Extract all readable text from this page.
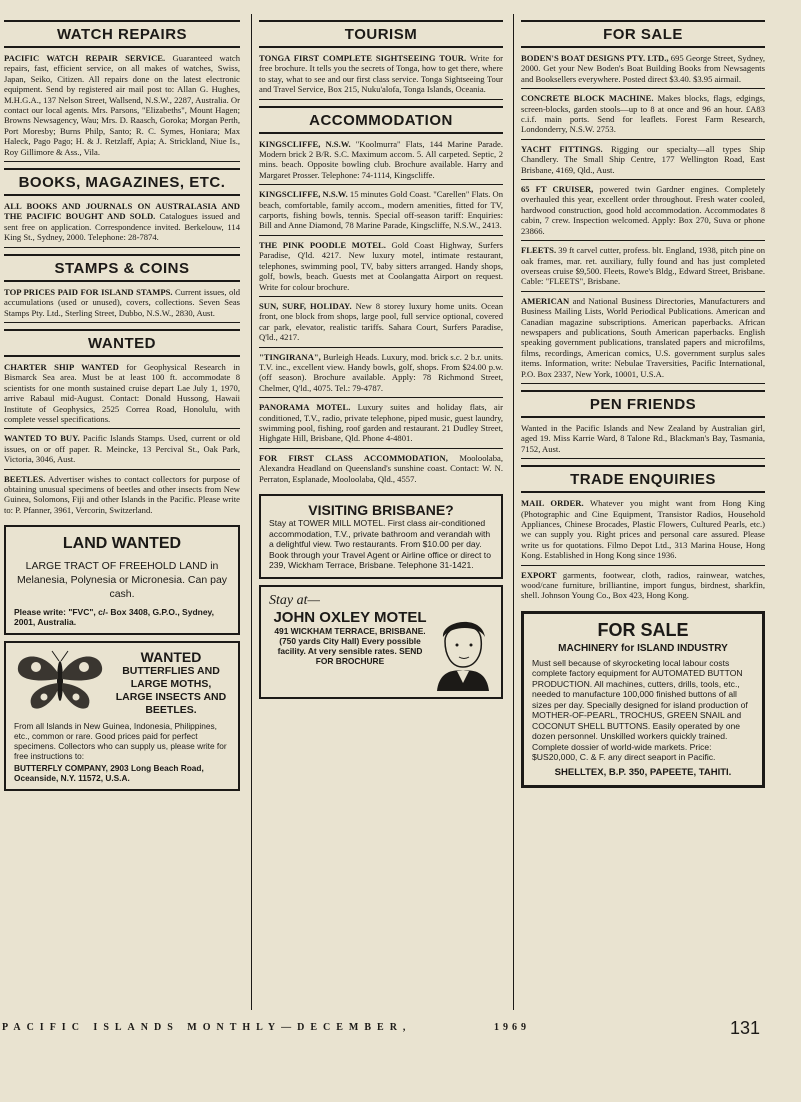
WATCH REPAIRS
PACIFIC WATCH REPAIR SERVICE. Guaranteed watch repairs, fast, efficient service, on all makes of watches, Swiss, Japan, Seiko, Citizen. All repairs done on the latest electronic equipment. Send by registered air mail post to: Allan G. Hughes, M.H.G.A., 137 Nelson Street, Wallsend, N.S.W., 2287, Australia. Or contact our local agents. Mrs. Parsons, "Elizabeths", Mount Hagen; Browns Newsagency, Wau; Mrs. D. Raasch, Goroka; Morgan Perth, Port Moresby; Burns Philp, Santo; R. C. Symes, Honiara; Max Haleck, Pago Pago; H. & J. Retzlaff, Apia; A. Strickland, Niue Is., Roy Gillimore & Ass., Vila.
BOOKS, MAGAZINES, ETC.
ALL BOOKS AND JOURNALS ON AUSTRALASIA AND THE PACIFIC BOUGHT AND SOLD. Catalogues issued and sent free on application. Correspondence invited. Berkelouw, 114 King St., Sydney, 2000. Telephone: 28-7874.
STAMPS & COINS
TOP PRICES PAID FOR ISLAND STAMPS. Current issues, old accumulations (used or unused), covers, collections. Seven Seas Stamps Pty. Ltd., Sterling Street, Dubbo, N.S.W., 2830, Aust.
WANTED
CHARTER SHIP WANTED for Geophysical Research in Bismarck Sea area. Must be at least 100 ft. accommodate 8 scientists for one month sustained cruise depart Lae July 1, 1970, arrive Rabaul mid-August. Contact: Donald Hussong, Hawaii Institute of Geophysics, 2525 Correa Road, Honolulu, with complete vessel specifications.
WANTED TO BUY. Pacific Islands Stamps. Used, current or old issues, on or off paper. R. Meincke, 13 Percival St., Oak Park, Victoria, 3046, Aust.
BEETLES. Advertiser wishes to contact collectors for purpose of obtaining unusual specimens of beetles and other insects from New Guinea, Solomons, Fiji and other Islands in the Pacific. Please write to: P. Pfanner, 3961, Vercorin, Switzerland.
LAND WANTED
LARGE TRACT OF FREEHOLD LAND in Melanesia, Polynesia or Micronesia. Can pay cash.
Please write: "FVC", c/- Box 3408, G.P.O., Sydney, 2001, Australia.
WANTED
BUTTERFLIES AND LARGE MOTHS, LARGE INSECTS AND BEETLES.
From all Islands in New Guinea, Indonesia, Philippines, etc., common or rare. Good prices paid for perfect specimens. Collectors who can supply us, please write for free instructions to:
BUTTERFLY COMPANY, 2903 Long Beach Road, Oceanside, N.Y. 11572, U.S.A.
TOURISM
TONGA FIRST COMPLETE SIGHTSEEING TOUR. Write for free brochure. It tells you the secrets of Tonga, how to get there, where to stay, what to see and our first class service. Tonga Sightseeing Tour and Travel Service, Box 215, Nuku'alofa, Tonga Islands, Oceania.
ACCOMMODATION
KINGSCLIFFE, N.S.W. "Koolmurra" Flats, 144 Marine Parade. Modern brick 2 B/R. S.C. Maximum accom. 5. All carpeted. Septic, 2 mins. beach. Opposite bowling club. Brochure available. Harry and Margaret Prosser. Telephone: 74-1114, Kingscliffe.
KINGSCLIFFE, N.S.W. 15 minutes Gold Coast. "Carellen" Flats. On beach, comfortable, family accom., modern amenities, fitted for TV, carports, fishing bowls, tennis. Special off-season tariff: Enquiries: Bill and Anne Diamond, 78 Marine Parade, Kingscliffe, N.S.W., 2413.
THE PINK POODLE MOTEL. Gold Coast Highway, Surfers Paradise, Q'ld. 4217. New luxury motel, intimate restaurant, telephones, swimming pool, TV, baby sitters arranged. Handy shops, golf, bowls, beach. Guests met at Coolangatta Airport on request. Write for colour brochure.
SUN, SURF, HOLIDAY. New 8 storey luxury home units. Ocean front, one block from shops, large pool, full service optional, covered car park, elevator, realistic tariffs. Sahara Court, Surfers Paradise, Q'ld., 4217.
"TINGIRANA", Burleigh Heads. Luxury, mod. brick s.c. 2 b.r. units. T.V. inc., excellent view. Handy bowls, golf, shops. From $24.00 p.w. (off season). Brochure available. Apply: 78 Richmond Street, Chelmer, Q'ld., 4075. Tel.: 79-4787.
PANORAMA MOTEL. Luxury suites and holiday flats, air conditioned, T.V., radio, private telephone, piped music, guest laundry, swimming pool, fishing, roof garden and restaurant. 21 Dudley Street, Highgate Hill, Brisbane, Qld. Phone 4-4801.
FOR FIRST CLASS ACCOMMODATION, Mooloolaba, Alexandra Headland on Queensland's sunshine coast. Contact: W. N. Perraton, Esplanade, Mooloolaba, Qld., 4557.
VISITING BRISBANE?
Stay at TOWER MILL MOTEL. First class air-conditioned accommodation, T.V., private bathroom and verandah with a delightful view. Two restaurants. From $10.00 per day. Book through your Travel Agent or Airline office or direct to 239, Wickham Terrace, Brisbane. Telephone 31-1421.
Stay at—
JOHN OXLEY MOTEL
491 WICKHAM TERRACE, BRISBANE. (750 yards City Hall) Every possible facility. At very sensible rates. SEND FOR BROCHURE
FOR SALE
BODEN'S BOAT DESIGNS PTY. LTD., 695 George Street, Sydney, 2000. Get your New Boden's Boat Building Books from Newsagents and Booksellers everywhere. Posted direct $3.40. $3.95 airmail.
CONCRETE BLOCK MACHINE. Makes blocks, flags, edgings, screen-blocks, garden stools—up to 8 at once and 96 an hour. £A83 c.i.f. main ports. Send for leaflets. Forest Farm Research, Londonderry, N.S.W. 2753.
YACHT FITTINGS. Rigging our specialty—all types Ship Chandlery. The Small Ship Centre, 177 Wellington Road, East Brisbane, 4169, Qld., Aust.
65 FT CRUISER, powered twin Gardner engines. Completely overhauled this year, excellent order throughout. Fresh water cooled, hardwood construction, good hold accommodation. Accommodates 8 cabin, 7 crew. Inspection welcomed. Apply: Box 270, Suva or phone 23866.
FLEETS. 39 ft carvel cutter, profess. blt. England, 1938, pitch pine on oak frames, mar. ret. auxiliary, fully found and has just completed overseas cruise $9,500. Fleets, Rowe's Bldg., Edward Street, Brisbane. Cable: "FLEETS", Brisbane.
AMERICAN and National Business Directories, Manufacturers and Business Mailing Lists, World Periodical Publications. American and Canadian magazine subscriptions. American paperbacks. African newspapers and publications, South American paperbacks. English speaking government publications, translated papers and microfilms, films, recordings, American comics, U.S. government surplus sales items. Information, write: Nebulae Traversities, Pacific International, P.O. Box 2337, New York, 10001, U.S.A.
PEN FRIENDS
Wanted in the Pacific Islands and New Zealand by Australian girl, aged 19. Miss Karrie Ward, 8 Talone Rd., Blackman's Bay, Tasmania, 7152, Aust.
TRADE ENQUIRIES
MAIL ORDER. Whatever you might want from Hong King (Photographic and Cine Equipment, Transistor Radios, Household Appliances, Chinese Brocades, Plastic Flowers, Cultured Pearls, etc.) we can supply you. Right prices and personal care assured. Please write us for quotations. Filmo Depot Ltd., 313 Marina House, Hong Kong. Established in Hong Kong since 1936.
EXPORT garments, footwear, cloth, radios, rainwear, watches, wood/cane furniture, brilliantine, import fungus, birdnest, sharkfin, shell. Johnson Young Co., Box 423, Hong Kong.
FOR SALE
MACHINERY for ISLAND INDUSTRY
Must sell because of skyrocketing local labour costs complete factory equipment for AUTOMATED BUTTON PRODUCTION. All machines, cutters, drills, tools, etc., needed to manufacture 100,000 finished buttons of all sizes per day. Specially designed for island production of MOTHER-OF-PEARL, TROCHUS, GREEN SNAIL and COCONUT SHELL BUTTONS. Easily operated by one dozen personnel. Unskilled workers quickly trained. Complete dossier of world-wide markets. Price: $US20,000, C. & F. any direct seaport in Pacific.
SHELLTEX, B.P. 350, PAPEETE, TAHITI.
PACIFIC ISLANDS MONTHLY—DECEMBER,	1969	131
